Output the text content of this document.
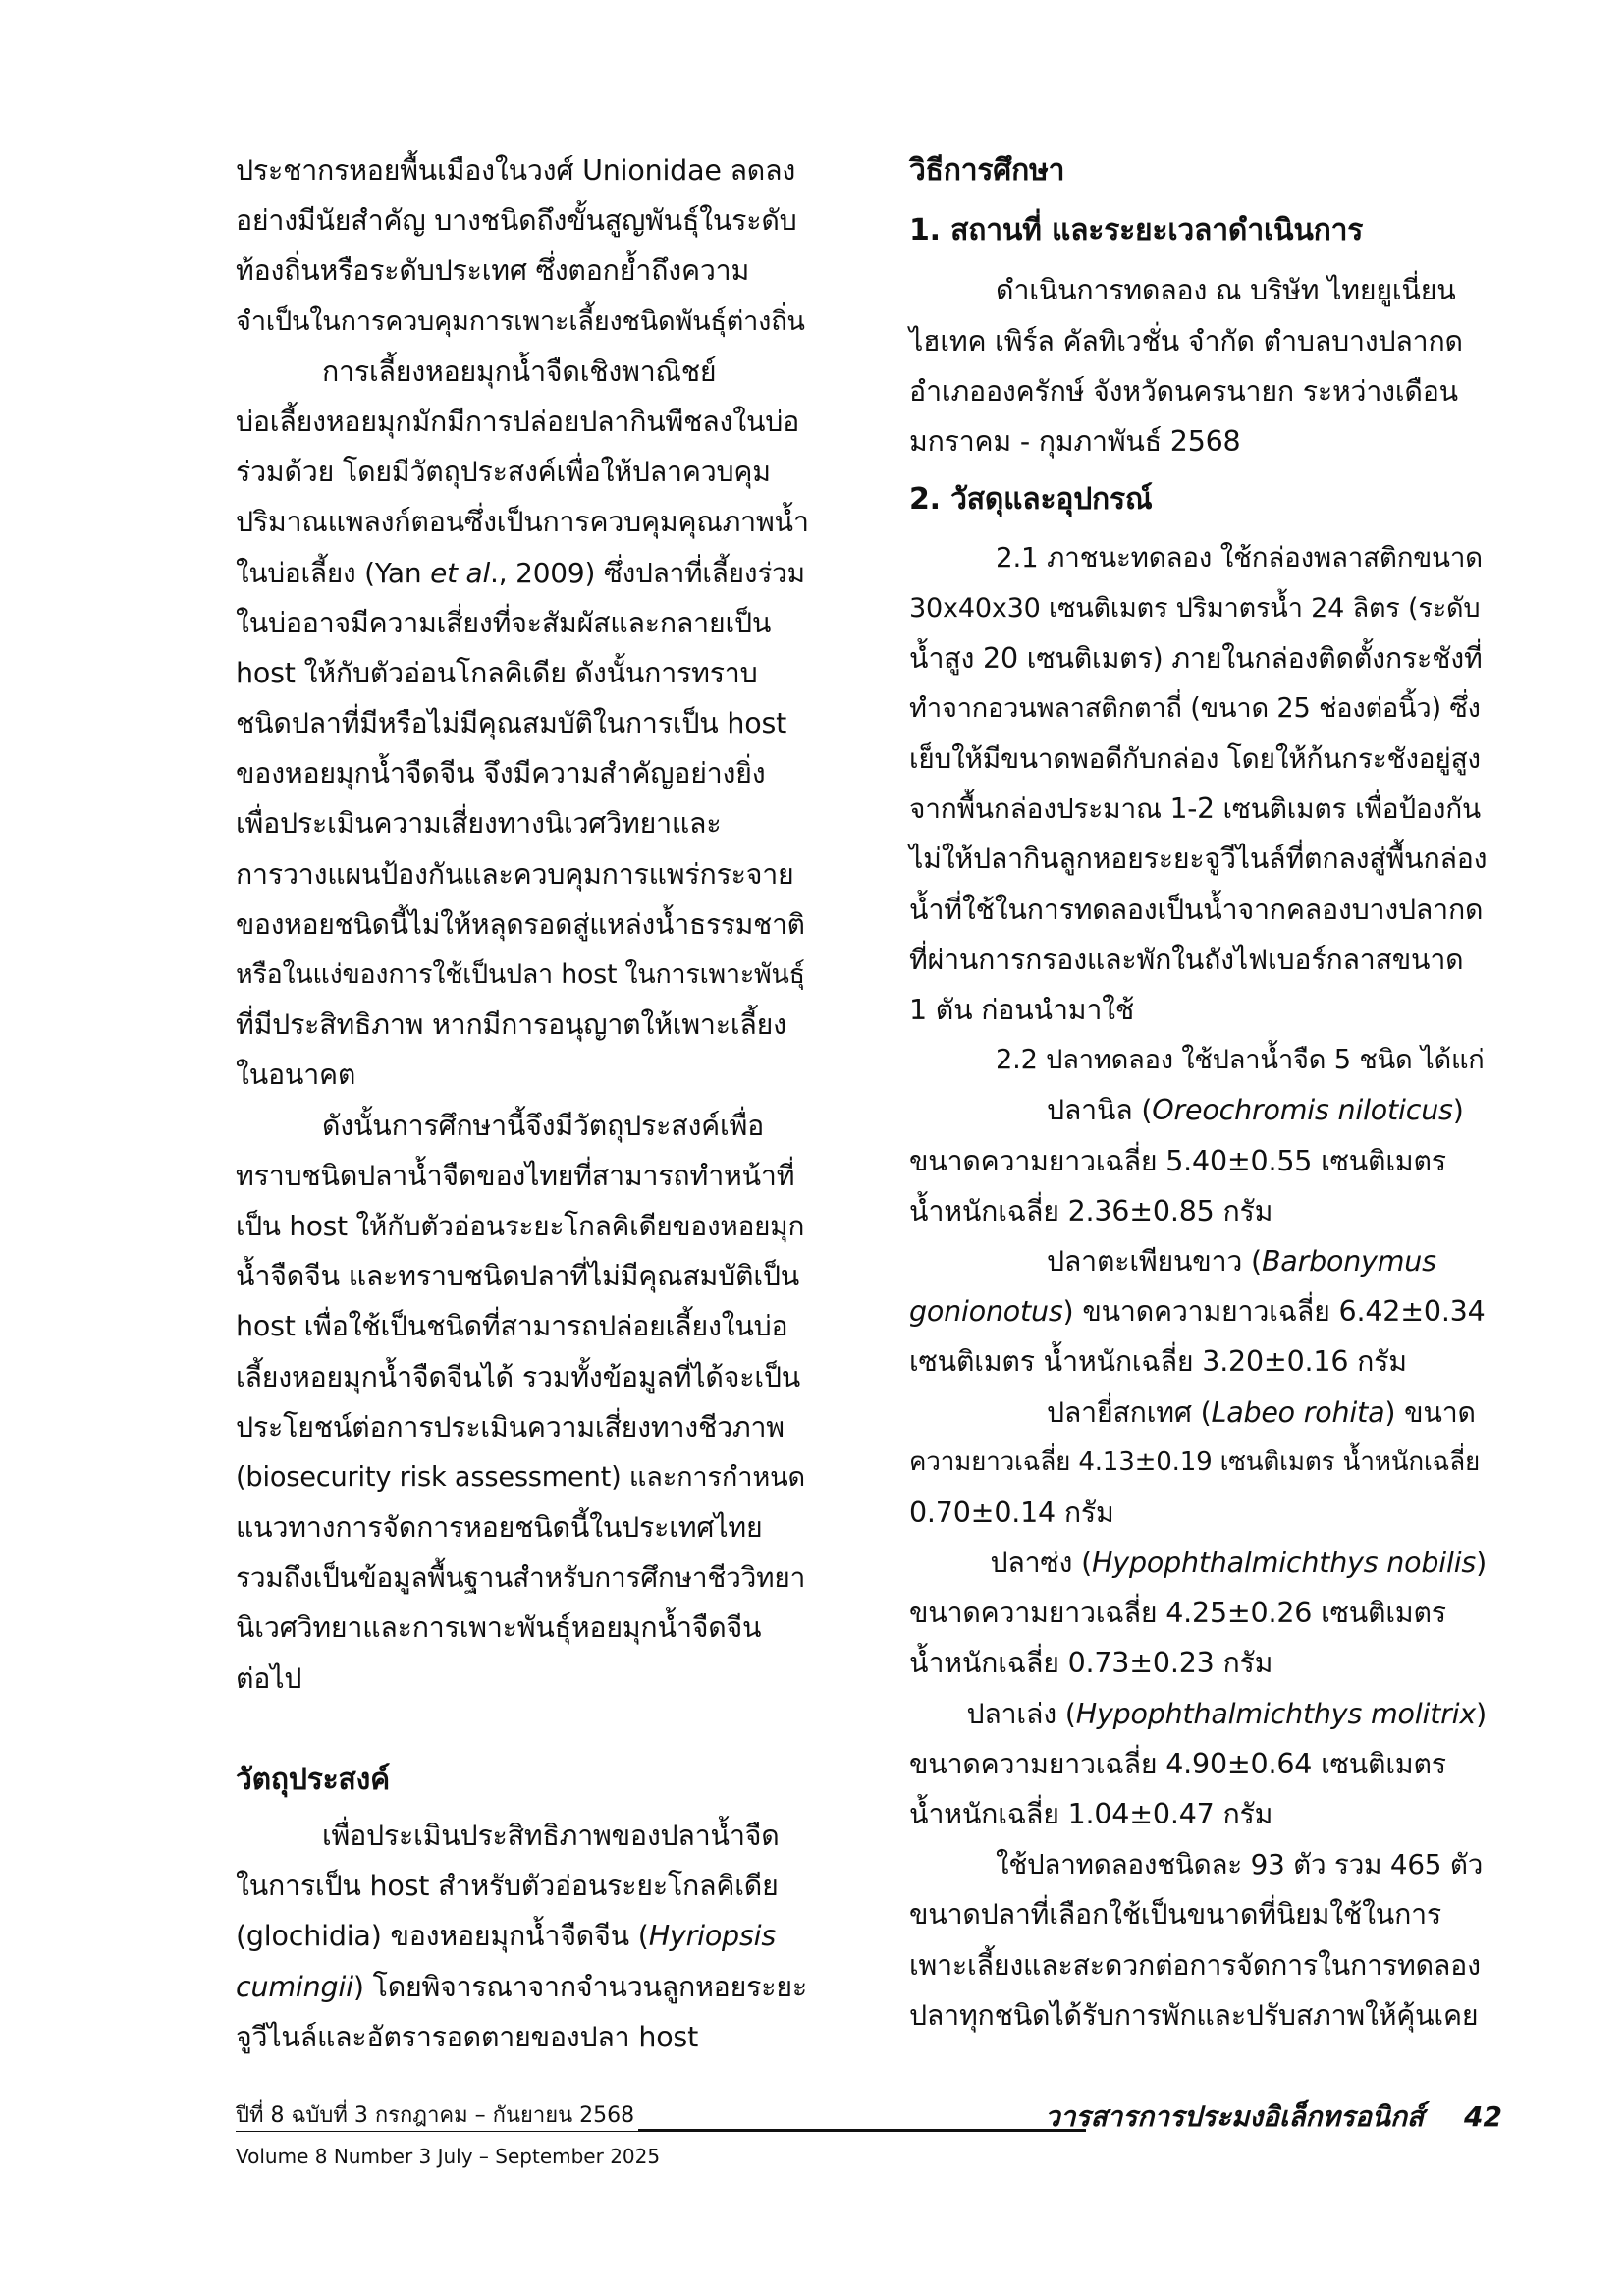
ประชากรหอยพื้นเมืองในวงศ์ Unionidae ลดลง
อย่างมีนัยสำคัญ บางชนิดถึงขั้นสูญพันธุ์ในระดับ
ท้องถิ่นหรือระดับประเทศ ซึ่งตอกย้ำถึงความ
จำเป็นในการควบคุมการเพาะเลี้ยงชนิดพันธุ์ต่างถิ่น
การเลี้ยงหอยมุกน้ำจืดเชิงพาณิชย์
บ่อเลี้ยงหอยมุกมักมีการปล่อยปลากินพืชลงในบ่อ
ร่วมด้วย โดยมีวัตถุประสงค์เพื่อให้ปลาควบคุม
ปริมาณแพลงก์ตอนซึ่งเป็นการควบคุมคุณภาพน้ำ
ในบ่อเลี้ยง (Yan et al., 2009) ซึ่งปลาที่เลี้ยงร่วม
ในบ่ออาจมีความเสี่ยงที่จะสัมผัสและกลายเป็น
host ให้กับตัวอ่อนโกลคิเดีย ดังนั้นการทราบ
ชนิดปลาที่มีหรือไม่มีคุณสมบัติในการเป็น host
ของหอยมุกน้ำจืดจีน จึงมีความสำคัญอย่างยิ่ง
เพื่อประเมินความเสี่ยงทางนิเวศวิทยาและ
การวางแผนป้องกันและควบคุมการแพร่กระจาย
ของหอยชนิดนี้ไม่ให้หลุดรอดสู่แหล่งน้ำธรรมชาติ
หรือในแง่ของการใช้เป็นปลา host ในการเพาะพันธุ์
ที่มีประสิทธิภาพ หากมีการอนุญาตให้เพาะเลี้ยง
ในอนาคต
ดังนั้นการศึกษานี้จึงมีวัตถุประสงค์เพื่อ
ทราบชนิดปลาน้ำจืดของไทยที่สามารถทำหน้าที่
เป็น host ให้กับตัวอ่อนระยะโกลคิเดียของหอยมุก
น้ำจืดจีน และทราบชนิดปลาที่ไม่มีคุณสมบัติเป็น
host เพื่อใช้เป็นชนิดที่สามารถปล่อยเลี้ยงในบ่อ
เลี้ยงหอยมุกน้ำจืดจีนได้ รวมทั้งข้อมูลที่ได้จะเป็น
ประโยชน์ต่อการประเมินความเสี่ยงทางชีวภาพ
(biosecurity risk assessment) และการกำหนด
แนวทางการจัดการหอยชนิดนี้ในประเทศไทย
รวมถึงเป็นข้อมูลพื้นฐานสำหรับการศึกษาชีววิทยา
นิเวศวิทยาและการเพาะพันธุ์หอยมุกน้ำจืดจีน
ต่อไป
วัตถุประสงค์
เพื่อประเมินประสิทธิภาพของปลาน้ำจืด
ในการเป็น host สำหรับตัวอ่อนระยะโกลคิเดีย
(glochidia) ของหอยมุกน้ำจืดจีน (Hyriopsis
cumingii) โดยพิจารณาจากจำนวนลูกหอยระยะ
จูวีไนล์และอัตรารอดตายของปลา host
วิธีการศึกษา
1. สถานที่ และระยะเวลาดำเนินการ
ดำเนินการทดลอง ณ บริษัท ไทยยูเนี่ยน
ไฮเทค เพิร์ล คัลทิเวชั่น จำกัด ตำบลบางปลากด
อำเภอองครักษ์ จังหวัดนครนายก ระหว่างเดือน
มกราคม - กุมภาพันธ์ 2568
2. วัสดุและอุปกรณ์
2.1 ภาชนะทดลอง ใช้กล่องพลาสติกขนาด
30x40x30 เซนติเมตร ปริมาตรน้ำ 24 ลิตร (ระดับ
น้ำสูง 20 เซนติเมตร) ภายในกล่องติดตั้งกระชังที่
ทำจากอวนพลาสติกตาถี่ (ขนาด 25 ช่องต่อนิ้ว) ซึ่ง
เย็บให้มีขนาดพอดีกับกล่อง โดยให้ก้นกระชังอยู่สูง
จากพื้นกล่องประมาณ 1-2 เซนติเมตร เพื่อป้องกัน
ไม่ให้ปลากินลูกหอยระยะจูวีไนล์ที่ตกลงสู่พื้นกล่อง
น้ำที่ใช้ในการทดลองเป็นน้ำจากคลองบางปลากด
ที่ผ่านการกรองและพักในถังไฟเบอร์กลาสขนาด
1 ตัน ก่อนนำมาใช้
2.2 ปลาทดลอง ใช้ปลาน้ำจืด 5 ชนิด ได้แก่
ปลานิล (Oreochromis niloticus)
ขนาดความยาวเฉลี่ย 5.40±0.55 เซนติเมตร
น้ำหนักเฉลี่ย 2.36±0.85 กรัม
ปลาตะเพียนขาว (Barbonymus
gonionotus) ขนาดความยาวเฉลี่ย 6.42±0.34
เซนติเมตร น้ำหนักเฉลี่ย 3.20±0.16 กรัม
ปลายี่สกเทศ (Labeo rohita) ขนาด
ความยาวเฉลี่ย 4.13±0.19 เซนติเมตร น้ำหนักเฉลี่ย
0.70±0.14 กรัม
ปลาซ่ง (Hypophthalmichthys nobilis)
ขนาดความยาวเฉลี่ย 4.25±0.26 เซนติเมตร
น้ำหนักเฉลี่ย 0.73±0.23 กรัม
ปลาเล่ง (Hypophthalmichthys molitrix)
ขนาดความยาวเฉลี่ย 4.90±0.64 เซนติเมตร
น้ำหนักเฉลี่ย 1.04±0.47 กรัม
ใช้ปลาทดลองชนิดละ 93 ตัว รวม 465 ตัว
ขนาดปลาที่เลือกใช้เป็นขนาดที่นิยมใช้ในการ
เพาะเลี้ยงและสะดวกต่อการจัดการในการทดลอง
ปลาทุกชนิดได้รับการพักและปรับสภาพให้คุ้นเคย
ปีที่ 8 ฉบับที่ 3 กรกฎาคม – กันยายน 2568
Volume 8 Number 3 July – September 2025
วารสารการประมงอิเล็กทรอนิกส์ 42
